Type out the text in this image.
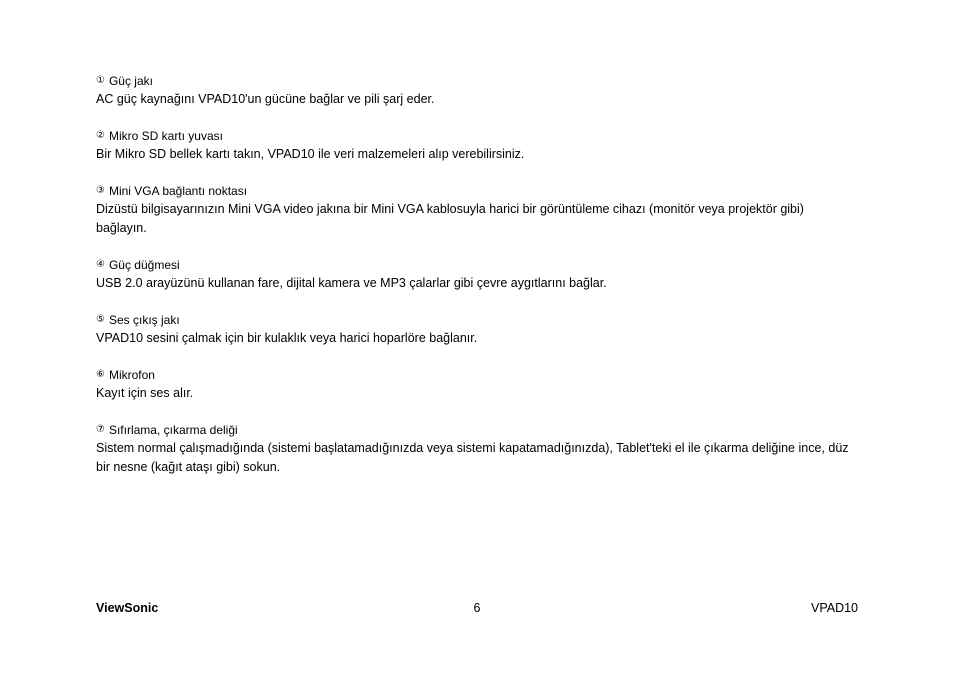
① Güç jakı

AC güç kaynağını VPAD10'un gücüne bağlar ve pili şarj eder.

② Mikro SD kartı yuvası

Bir Mikro SD bellek kartı takın, VPAD10 ile veri malzemeleri alıp verebilirsiniz.

③ Mini VGA bağlantı noktası

Dizüstü bilgisayarınızın Mini VGA video jakına bir Mini VGA kablosuyla harici bir görüntüleme cihazı (monitör veya projektör gibi) bağlayın.

④ Güç düğmesi

USB 2.0 arayüzünü kullanan fare, dijital kamera ve MP3 çalarlar gibi çevre aygıtlarını bağlar.

⑤ Ses çıkış jakı

VPAD10 sesini çalmak için bir kulaklık veya harici hoparlöre bağlanır.

⑥ Mikrofon

Kayıt için ses alır.

⑦ Sıfırlama, çıkarma deliği

Sistem normal çalışmadığında (sistemi başlatamadığınızda veya sistemi kapatamadığınızda), Tablet'teki el ile çıkarma deliğine ince, düz bir nesne (kağıt ataşı gibi) sokun.

ViewSonic	6	VPAD10
